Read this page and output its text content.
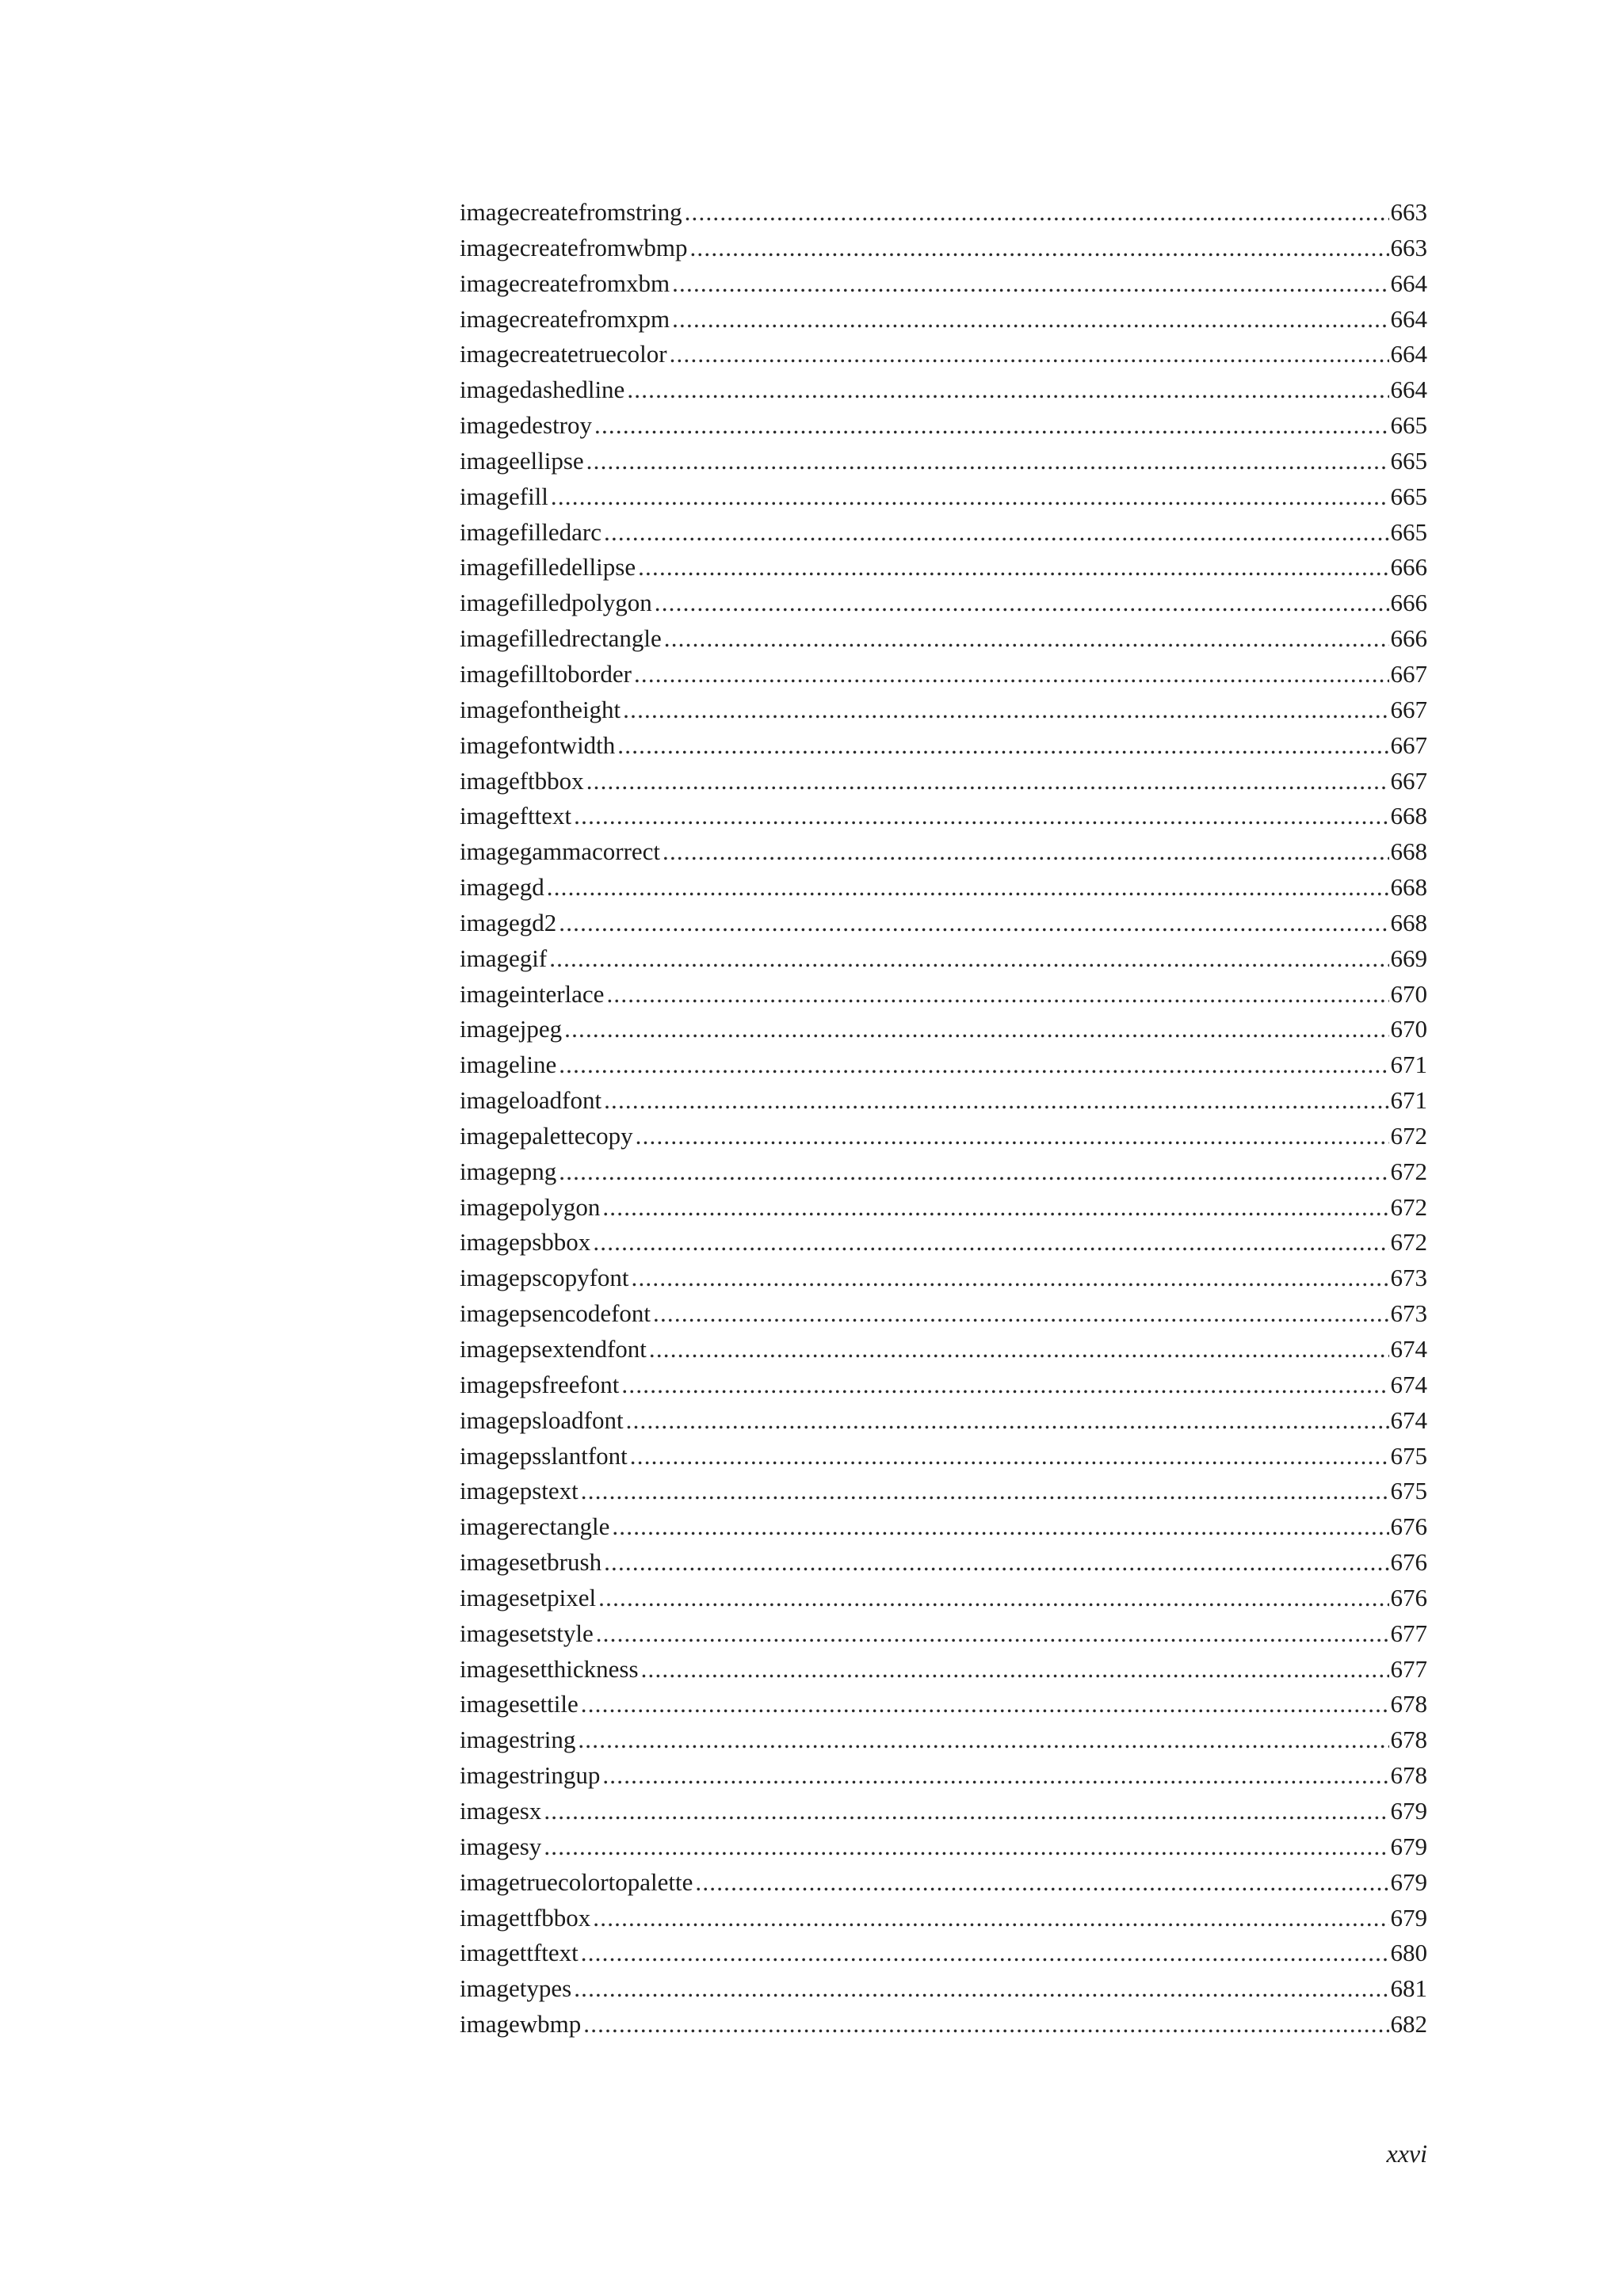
imagecreatefromstring .....	663
imagecreatefromwbmp .....	663
imagecreatefromxbm .....	664
imagecreatefromxpm .....	664
imagecreatetruecolor .....	664
imagedashedline .....	664
imagedestroy .....	665
imageellipse .....	665
imagefill .....	665
imagefilledarc .....	665
imagefilledellipse .....	666
imagefilledpolygon .....	666
imagefilledrectangle .....	666
imagefilltoborder .....	667
imagefontheight .....	667
imagefontwidth .....	667
imageftbbox .....	667
imagefttext .....	668
imagegammacorrect .....	668
imagegd .....	668
imagegd2 .....	668
imagegif .....	669
imageinterlace .....	670
imagejpeg .....	670
imageline .....	671
imageloadfont .....	671
imagepalettecopy .....	672
imagepng .....	672
imagepolygon .....	672
imagepsbbox .....	672
imagepscopyfont .....	673
imagepsencodefont .....	673
imagepsextendfont .....	674
imagepsfreefont .....	674
imagepsloadfont .....	674
imagepsslantfont .....	675
imagepstext .....	675
imagerectangle .....	676
imagesetbrush .....	676
imagesetpixel .....	676
imagesetstyle .....	677
imagesetthickness .....	677
imagesettile .....	678
imagestring .....	678
imagestringup .....	678
imagesx .....	679
imagesy .....	679
imagetruecolortopalette .....	679
imagettfbbox .....	679
imagettftext .....	680
imagetypes .....	681
imagewbmp .....	682
xxvi
